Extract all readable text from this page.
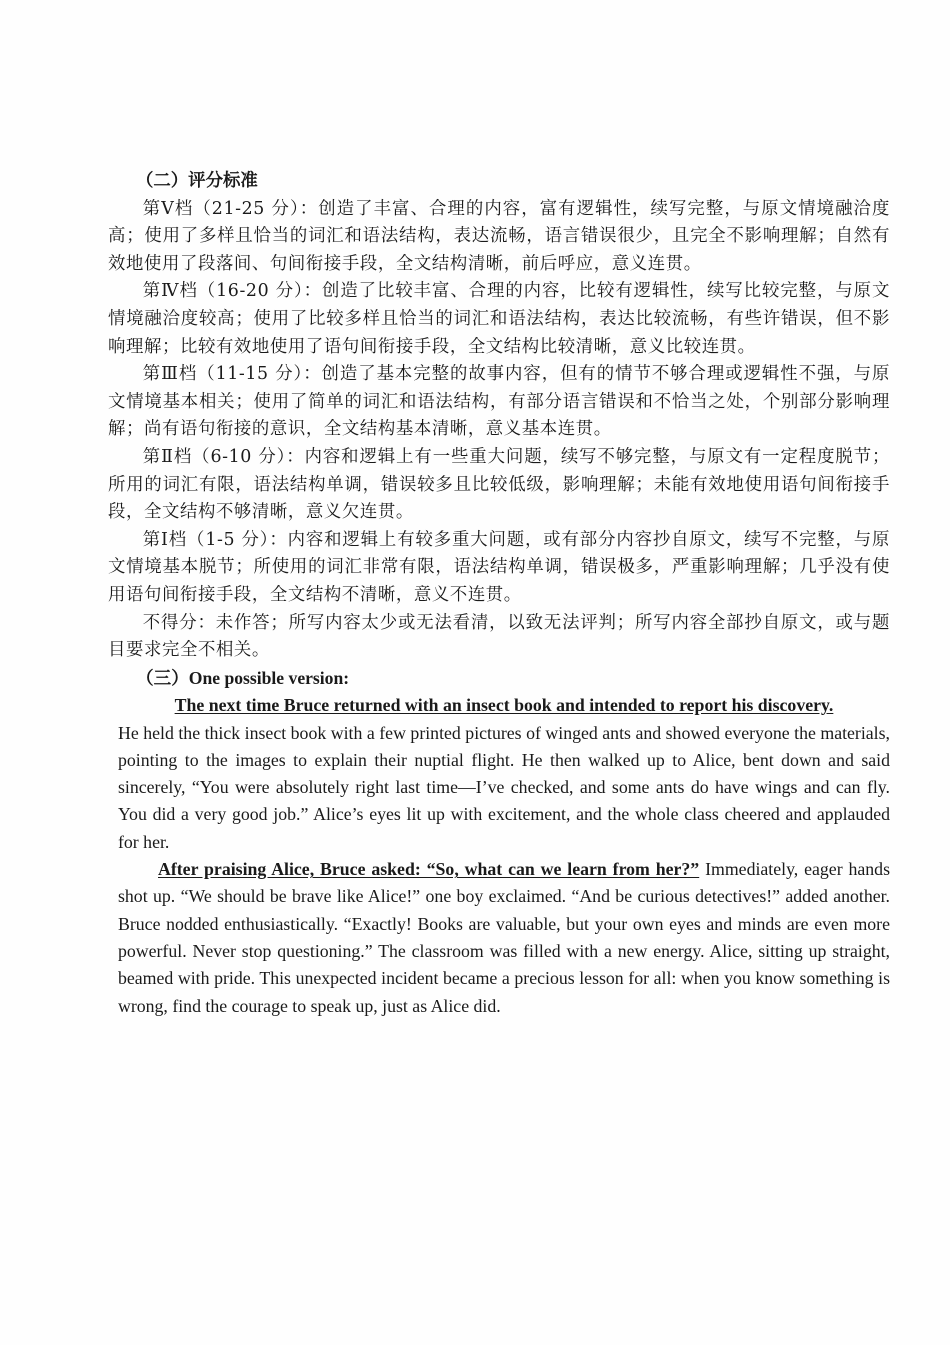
（二）评分标准

第Ⅴ档（21-25 分）：创造了丰富、合理的内容，富有逻辑性，续写完整，与原文情境融洽度高；使用了多样且恰当的词汇和语法结构，表达流畅，语言错误很少，且完全不影响理解；自然有效地使用了段落间、句间衔接手段，全文结构清晰，前后呼应，意义连贯。

第Ⅳ档（16-20 分）：创造了比较丰富、合理的内容，比较有逻辑性，续写比较完整，与原文情境融洽度较高；使用了比较多样且恰当的词汇和语法结构，表达比较流畅，有些许错误，但不影响理解；比较有效地使用了语句间衔接手段，全文结构比较清晰，意义比较连贯。

第Ⅲ档（11-15 分）：创造了基本完整的故事内容，但有的情节不够合理或逻辑性不强，与原文情境基本相关；使用了简单的词汇和语法结构，有部分语言错误和不恰当之处，个别部分影响理解；尚有语句衔接的意识，全文结构基本清晰，意义基本连贯。

第Ⅱ档（6-10 分）：内容和逻辑上有一些重大问题，续写不够完整，与原文有一定程度脱节；所用的词汇有限，语法结构单调，错误较多且比较低级，影响理解；未能有效地使用语句间衔接手段，全文结构不够清晰，意义欠连贯。

第Ⅰ档（1-5 分）：内容和逻辑上有较多重大问题，或有部分内容抄自原文，续写不完整，与原文情境基本脱节；所使用的词汇非常有限，语法结构单调，错误极多，严重影响理解；几乎没有使用语句间衔接手段，全文结构不清晰，意义不连贯。

不得分：未作答；所写内容太少或无法看清，以致无法评判；所写内容全部抄自原文，或与题目要求完全不相关。

（三）One possible version:

The next time Bruce returned with an insect book and intended to report his discovery.

He held the thick insect book with a few printed pictures of winged ants and showed everyone the materials, pointing to the images to explain their nuptial flight. He then walked up to Alice, bent down and said sincerely, “You were absolutely right last time—I’ve checked, and some ants do have wings and can fly. You did a very good job.” Alice’s eyes lit up with excitement, and the whole class cheered and applauded for her.

After praising Alice, Bruce asked: “So, what can we learn from her?” Immediately, eager hands shot up. “We should be brave like Alice!” one boy exclaimed. “And be curious detectives!” added another. Bruce nodded enthusiastically. “Exactly! Books are valuable, but your own eyes and minds are even more powerful. Never stop questioning.” The classroom was filled with a new energy. Alice, sitting up straight, beamed with pride. This unexpected incident became a precious lesson for all: when you know something is wrong, find the courage to speak up, just as Alice did.
